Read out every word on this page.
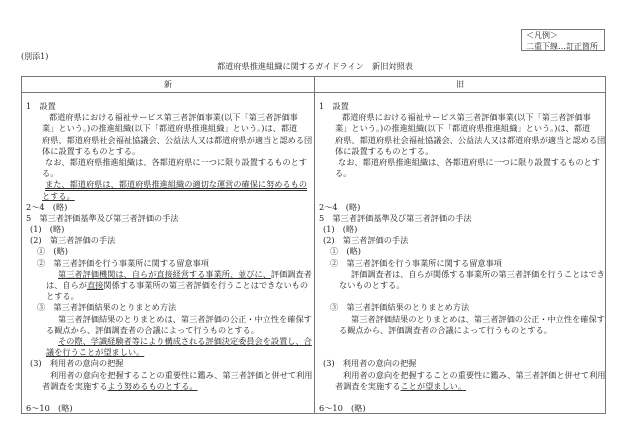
＜凡例＞
二重下線…訂正箇所
(別添1)
都道府県推進組織に関するガイドライン　新旧対照表
新	旧
1　設置
都道府県における福祉サービス第三者評価事業(以下「第三者評価事
業」という。)の推進組織(以下「都道府県推進組織」という。)は、都道
府県、都道府県社会福祉協議会、公益法人又は都道府県が適当と認める団
体に設置するものとする。
なお、都道府県推進組織は、各都道府県に一つに限り設置するものとす
る。
また、都道府県は、都道府県推進組織の適切な運営の確保に努めるもの
とする。
2～4　(略)
5　第三者評価基準及び第三者評価の手法
(1)　(略)
(2)　第三者評価の手法
①　(略)
②　第三者評価を行う事業所に関する留意事項
第三者評価機関は、自らが直接経営する事業所、並びに、評価調査者
は、自らが直接関係する事業所の第三者評価を行うことはできないもの
とする。
③　第三者評価結果のとりまとめ方法
第三者評価結果のとりまとめは、第三者評価の公正・中立性を確保す
る観点から、評価調査者の合議によって行うものとする。
その際、学識経験者等により構成される評価決定委員会を設置し、合
議を行うことが望ましい。
(3)　利用者の意向の把握
利用者の意向を把握することの重要性に鑑み、第三者評価と併せて利用
者調査を実施するよう努めるものとする。
6～10　(略)
1　設置
都道府県における福祉サービス第三者評価事業(以下「第三者評価事
業」という。)の推進組織(以下「都道府県推進組織」という。)は、都道
府県、都道府県社会福祉協議会、公益法人又は都道府県が適当と認める団
体に設置するものとする。
なお、都道府県推進組織は、各都道府県に一つに限り設置するものとす
る。
2～4　(略)
5　第三者評価基準及び第三者評価の手法
(1)　(略)
(2)　第三者評価の手法
①　(略)
②　第三者評価を行う事業所に関する留意事項
評価調査者は、自らが関係する事業所の第三者評価を行うことはでき
ないものとする。
③　第三者評価結果のとりまとめ方法
第三者評価結果のとりまとめは、第三者評価の公正・中立性を確保す
る観点から、評価調査者の合議によって行うものとする。
(3)　利用者の意向の把握
利用者の意向を把握することの重要性に鑑み、第三者評価と併せて利用
者調査を実施することが望ましい。
6～10　(略)
